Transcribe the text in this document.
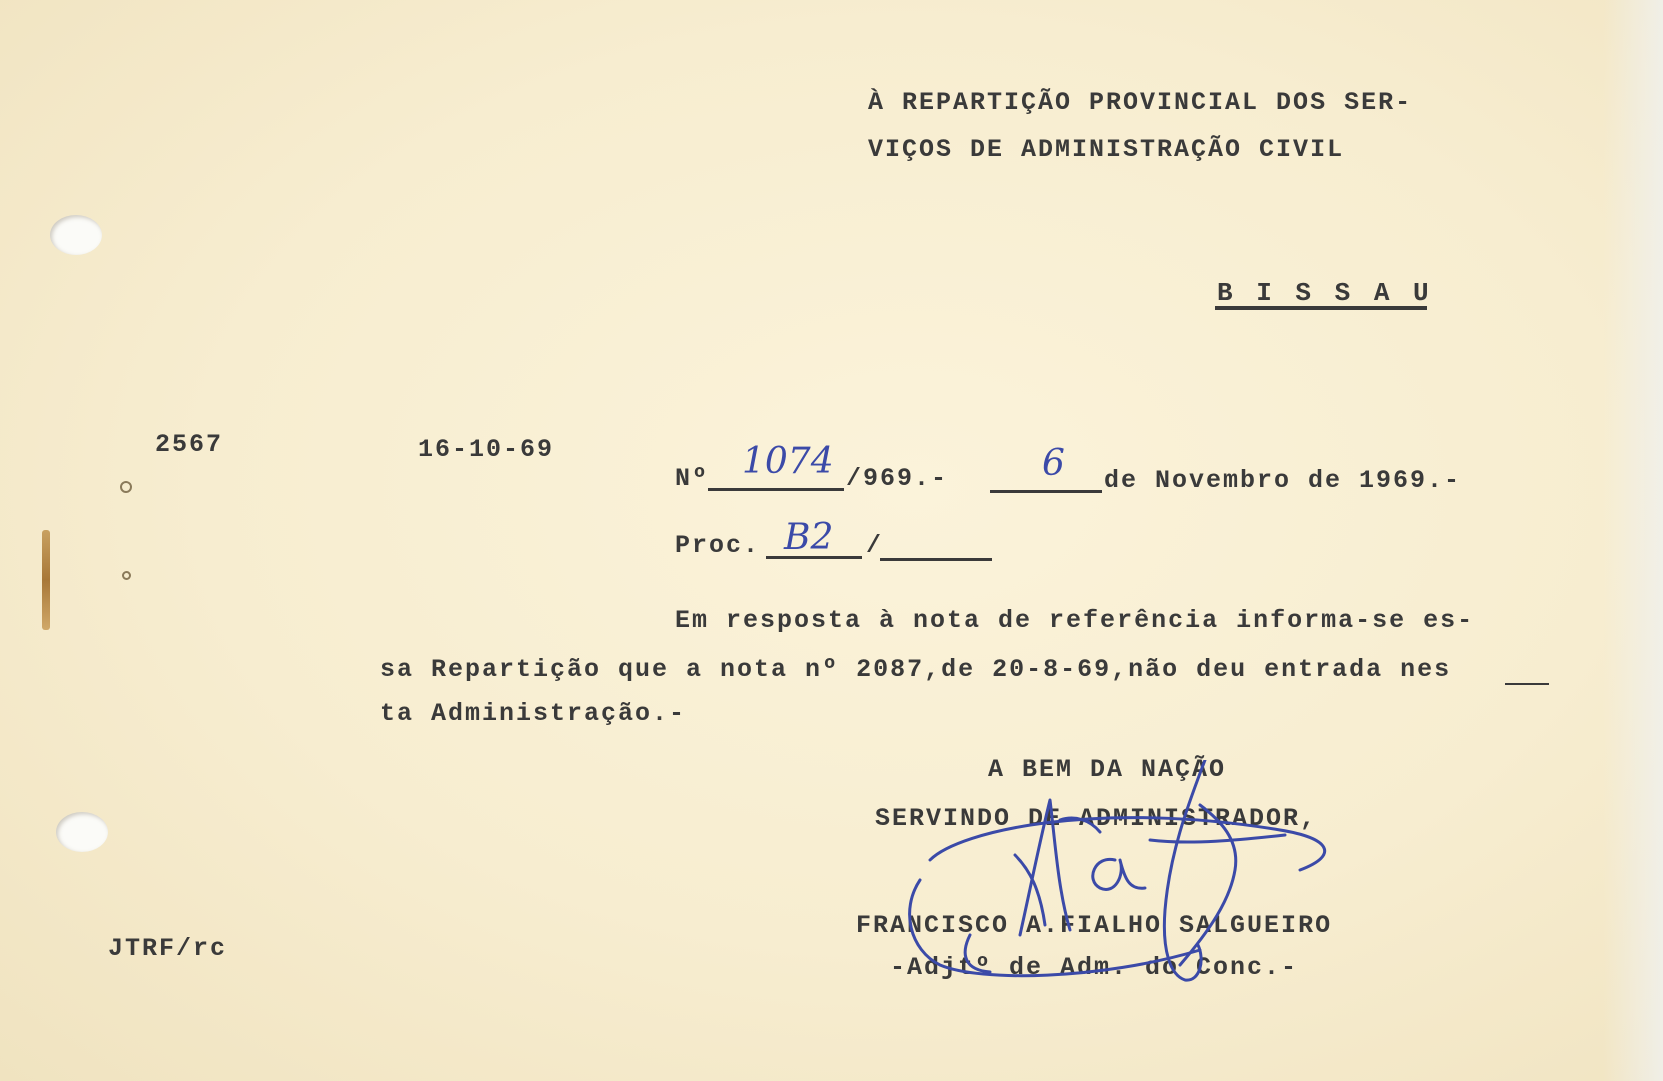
À REPARTIÇÃO PROVINCIAL DOS SER-
VIÇOS DE ADMINISTRAÇÃO CIVIL
B I S S A U
2567	16-10-69
Nº 1074 /969.-	6 de Novembro de 1969.-
Proc. B2 /
Em resposta à nota de referência informa-se es-
sa Repartição que a nota nº 2087,de 20-8-69,não deu entrada nes
ta Administração.-
A BEM DA NAÇÃO
SERVINDO DE ADMINISTRADOR,
FRANCISCO A.FIALHO SALGUEIRO
-Adjtº de Adm. do Conc.-
JTRF/rc
